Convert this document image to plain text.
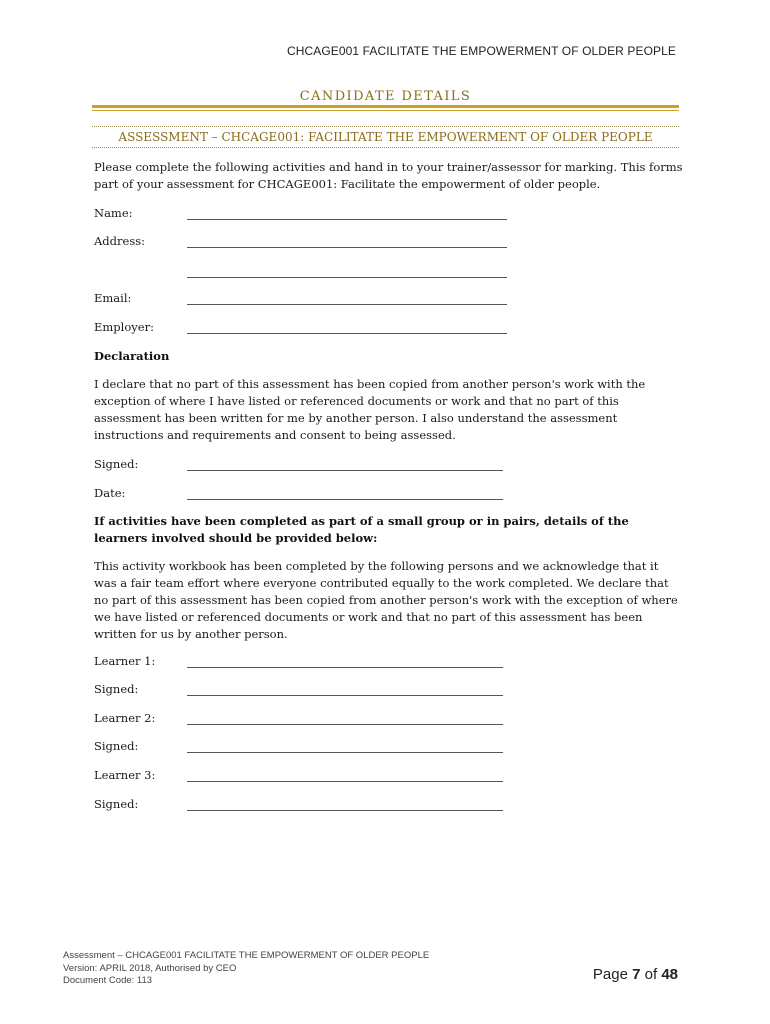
CHCAGE001 FACILITATE THE EMPOWERMENT OF OLDER PEOPLE
CANDIDATE DETAILS
ASSESSMENT – CHCAGE001: FACILITATE THE EMPOWERMENT OF OLDER PEOPLE

Please complete the following activities and hand in to your trainer/assessor for marking. This forms part of your assessment for CHCAGE001: Facilitate the empowerment of older people.

Name:
Address:
Email:
Employer:
Declaration

I declare that no part of this assessment has been copied from another person's work with the exception of where I have listed or referenced documents or work and that no part of this assessment has been written for me by another person. I also understand the assessment instructions and requirements and consent to being assessed.

Signed:
Date:
If activities have been completed as part of a small group or in pairs, details of the learners involved should be provided below:

This activity workbook has been completed by the following persons and we acknowledge that it was a fair team effort where everyone contributed equally to the work completed. We declare that no part of this assessment has been copied from another person's work with the exception of where we have listed or referenced documents or work and that no part of this assessment has been written for us by another person.

Learner 1:
Signed:
Learner 2:
Signed:
Learner 3:
Signed:
Assessment – CHCAGE001 FACILITATE THE EMPOWERMENT OF OLDER PEOPLE
Version: APRIL 2018, Authorised by CEO
Document Code: 113	Page 7 of 48
